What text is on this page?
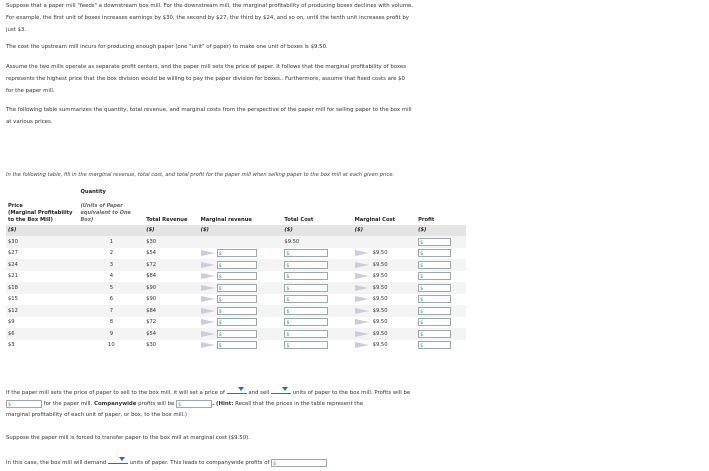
Suppose that a paper mill "feeds" a downstream box mill. For the downstream mill, the marginal profitability of producing boxes declines with volume.
For example, the first unit of boxes increases earnings by $30, the second by $27, the third by $24, and so on, until the tenth unit increases profit by
just $3.

The cost the upstream mill incurs for producing enough paper (one "unit" of paper) to make one unit of boxes is $9.50.

Assume the two mills operate as separate profit centers, and the paper mill sets the price of paper. It follows that the marginal profitability of boxes
represents the highest price that the box division would be willing to pay the paper division for boxes.. Furthermore, assume that fixed costs are $0
for the paper mill.

The following table summarizes the quantity, total revenue, and marginal costs from the perspective of the paper mill for selling paper to the box mill
at various prices.

In the following table, fill in the marginal revenue, total cost, and total profit for the paper mill when selling paper to the box mill at each given price.
Price
(Marginal Profitability to the Box Mill)	Quantity

(Units of Paper equivalent to One Box)	Total Revenue	Marginal revenue	Total Cost	Marginal Cost	Profit
($)		($)	($)	($)	($)	($)
$30	1	$30		$9.50		$
$27	2	$54	$	$	$9.50	$
$24	3	$72	$	$	$9.50	$
$21	4	$84	$	$	$9.50	$
$18	5	$90	$	$	$9.50	$
$15	6	$90	$	$	$9.50	$
$12	7	$84	$	$	$9.50	$
$9	8	$72	$	$	$9.50	$
$6	9	$54	$	$	$9.50	$
$3	10	$30	$	$	$9.50	$

If the paper mill sets the price of paper to sell to the box mill, it will set a price of	and sell	units of paper to the box mill. Profits will be
$	for the paper mill. Companywide profits will be $	. (Hint: Recall that the prices in the table represent the
marginal profitability of each unit of paper, or box, to the box mill.)

Suppose the paper mill is forced to transfer paper to the box mill at marginal cost ($9.50).

In this case, the box mill will demand	units of paper. This leads to companywide profits of $
